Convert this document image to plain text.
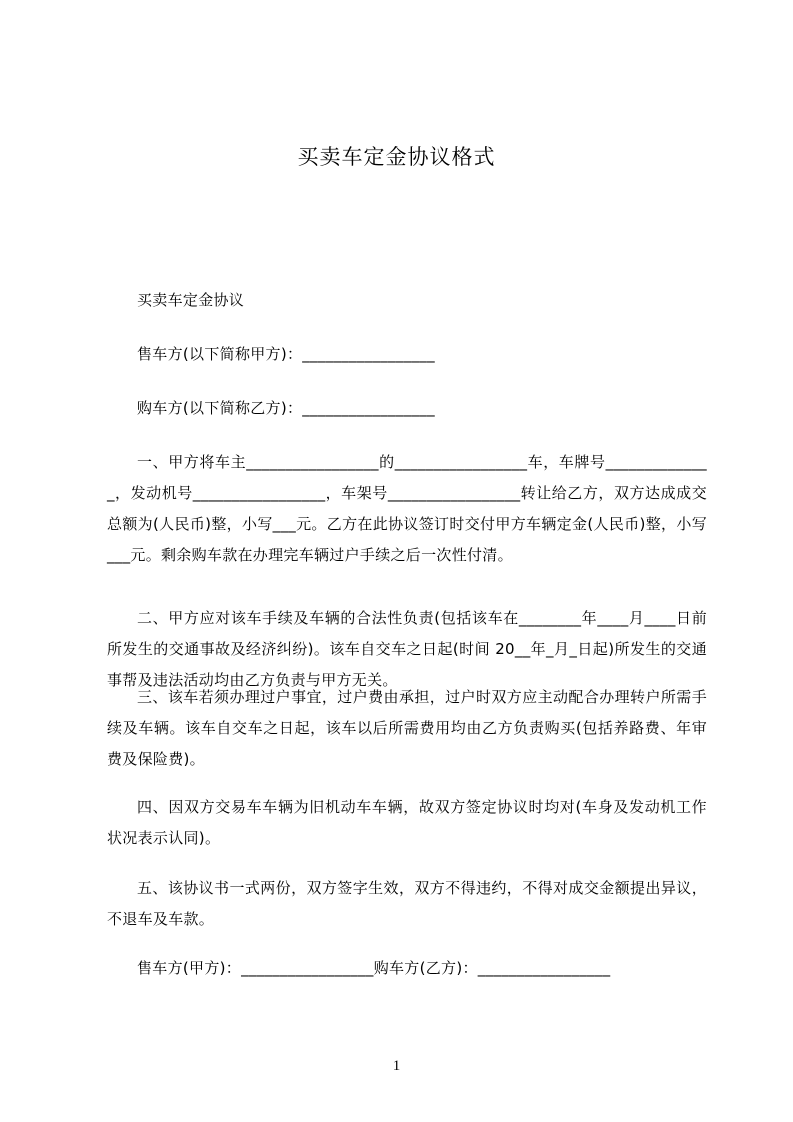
买卖车定金协议格式
买卖车定金协议
售车方(以下简称甲方)：_________________
购车方(以下简称乙方)：_________________
一、甲方将车主_________________的_________________车，车牌号______________，发动机号_________________，车架号_________________转让给乙方，双方达成成交总额为(人民币)整，小写___元。乙方在此协议签订时交付甲方车辆定金(人民币)整，小写___元。剩余购车款在办理完车辆过户手续之后一次性付清。
二、甲方应对该车手续及车辆的合法性负责(包括该车在________年____月____日前所发生的交通事故及经济纠纷)。该车自交车之日起(时间 20__年_月_日起)所发生的交通事帮及违法活动均由乙方负责与甲方无关。
三、该车若须办理过户事宜，过户费由承担，过户时双方应主动配合办理转户所需手续及车辆。该车自交车之日起，该车以后所需费用均由乙方负责购买(包括养路费、年审费及保险费)。
四、因双方交易车车辆为旧机动车车辆，故双方签定协议时均对(车身及发动机工作状况表示认同)。
五、该协议书一式两份，双方签字生效，双方不得违约，不得对成交金额提出异议，不退车及车款。
售车方(甲方)：_________________购车方(乙方)：_________________
1
